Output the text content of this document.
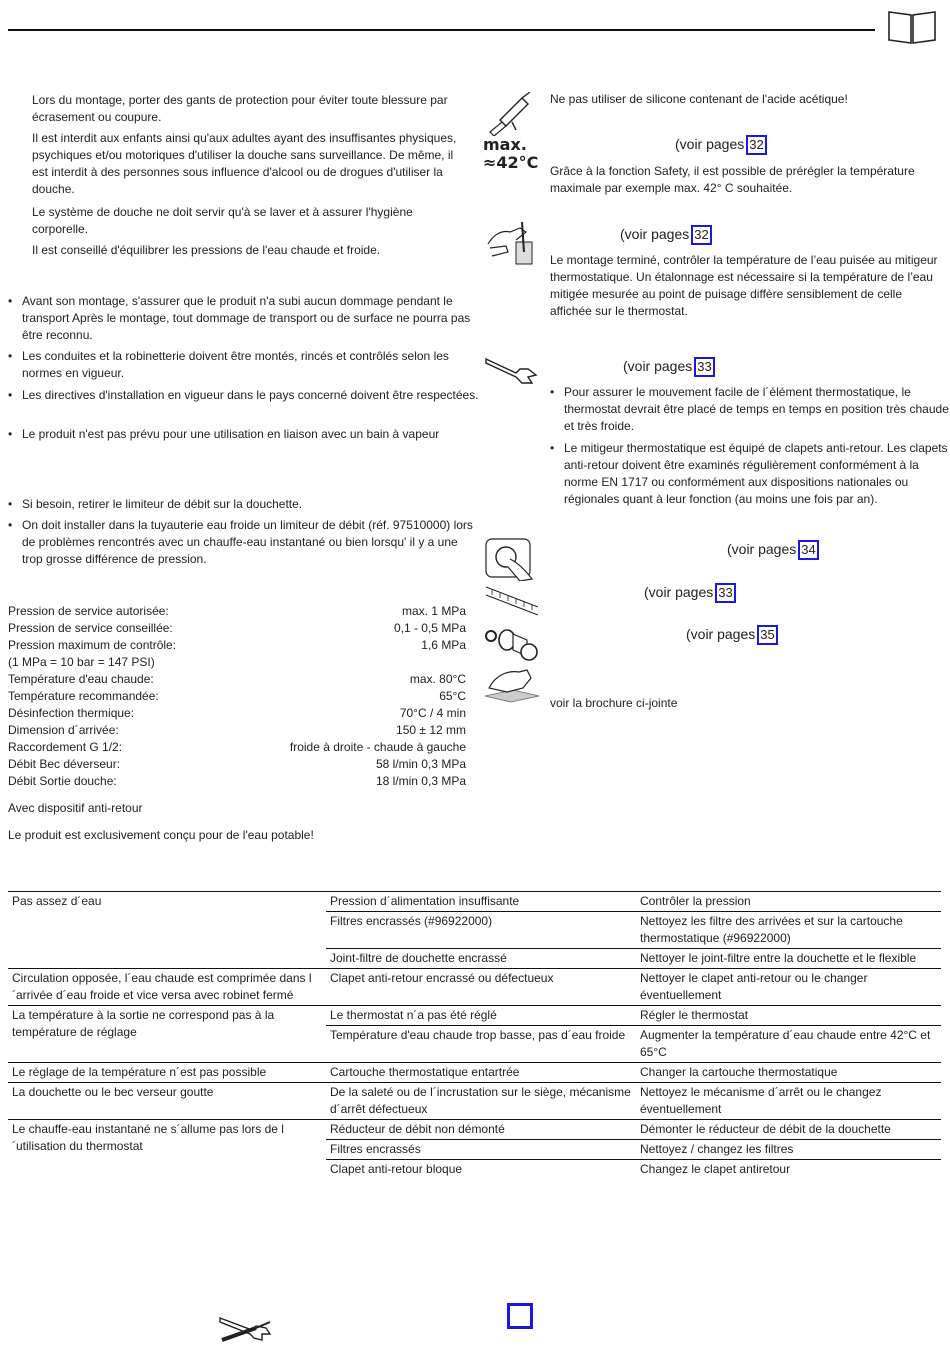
Lors du montage, porter des gants de protection pour éviter toute blessure par écrasement ou coupure.

Il est interdit aux enfants ainsi qu'aux adultes ayant des insuffisantes physiques, psychiques et/ou motoriques d'utiliser la douche sans surveillance. De même, il est interdit à des personnes sous influence d'alcool ou de drogues d'utiliser la douche.

Le système de douche ne doit servir qu'à se laver et à assurer l'hygiène corporelle.

Il est conseillé d'équilibrer les pressions de l'eau chaude et froide.

• Avant son montage, s'assurer que le produit n'a subi aucun dommage pendant le transport Après le montage, tout dommage de transport ou de surface ne pourra pas être reconnu.
• Les conduites et la robinetterie doivent être montés, rincés et contrôlés selon les normes en vigueur.
• Les directives d'installation en vigueur dans le pays concerné doivent être respectées.
• Le produit n'est pas prévu pour une utilisation en liaison avec un bain à vapeur
• Si besoin, retirer le limiteur de débit sur la douchette.
• On doit installer dans la tuyauterie eau froide un limiteur de débit (réf. 97510000) lors de problèmes rencontrés avec un chauffe-eau instantané ou bien lorsqu' il y a une trop grosse différence de pression.
Pression de service autorisée:	max. 1 MPa
Pression de service conseillée:	0,1 - 0,5 MPa
Pression maximum de contrôle:	1,6 MPa
(1 MPa = 10 bar = 147 PSI)
Température d'eau chaude:	max. 80°C
Température recommandée:	65°C
Désinfection thermique:	70°C / 4 min
Dimension d´arrivée:	150 ± 12 mm
Raccordement G 1/2:	froide à droite - chaude à gauche
Débit Bec déverseur:	58 l/min 0,3 MPa
Débit Sortie douche:	18 l/min 0,3 MPa

Avec dispositif anti-retour

Le produit est exclusivement conçu pour de l'eau potable!

Ne pas utiliser de silicone contenant de l'acide acétique!

max.
≈42°C
(voir pages 32

Grâce à la fonction Safety, il est possible de prérégler la température maximale par exemple max. 42° C souhaitée.

(voir pages 32

Le montage terminé, contrôler la température de l’eau puisée au mitigeur thermostatique. Un étalonnage est nécessaire si la température de l’eau mitigée mesurée au point de puisage diffère sensiblement de celle affichée sur le thermostat.

(voir pages 33
• Pour assurer le mouvement facile de l´élément thermostatique, le thermostat devrait être placé de temps en temps en position très chaude et très froide.
• Le mitigeur thermostatique est équipé de clapets anti-retour. Les clapets anti-retour doivent être examinés régulièrement conformément à la norme EN 1717 ou conformément aux dispositions nationales ou régionales quant à leur fonction (au moins une fois par an).
(voir pages 34
(voir pages 33
(voir pages 35

voir la brochure ci-jointe

Pas assez d´eau	Pression d´alimentation insuffisante	Contrôler la pression
	Filtres encrassés (#96922000)	Nettoyez les filtre des arrivées et sur la cartouche thermostatique (#96922000)
	Joint-filtre de douchette encrassé	Nettoyer le joint-filtre entre la douchette et le flexible
Circulation opposée, l´eau chaude est comprimée dans l´arrivée d´eau froide et vice versa avec robinet fermé	Clapet anti-retour encrassé ou défectueux	Nettoyer le clapet anti-retour ou le changer éventuellement
La température à la sortie ne correspond pas à la température de réglage	Le thermostat n´a pas été réglé	Régler le thermostat
	Température d'eau chaude trop basse, pas d´eau froide	Augmenter la température d´eau chaude entre 42°C et 65°C
Le réglage de la température n´est pas possible	Cartouche thermostatique entartrée	Changer la cartouche thermostatique
La douchette ou le bec verseur goutte	De la saleté ou de l´incrustation sur le siège, mécanisme d´arrêt défectueux	Nettoyez le mécanisme d´arrêt ou le changez éventuellement
Le chauffe-eau instantané ne s´allume pas lors de l´utilisation du thermostat	Réducteur de débit non démonté	Démonter le réducteur de débit de la douchette
	Filtres encrassés	Nettoyez / changez les filtres
	Clapet anti-retour bloque	Changez le clapet antiretour
